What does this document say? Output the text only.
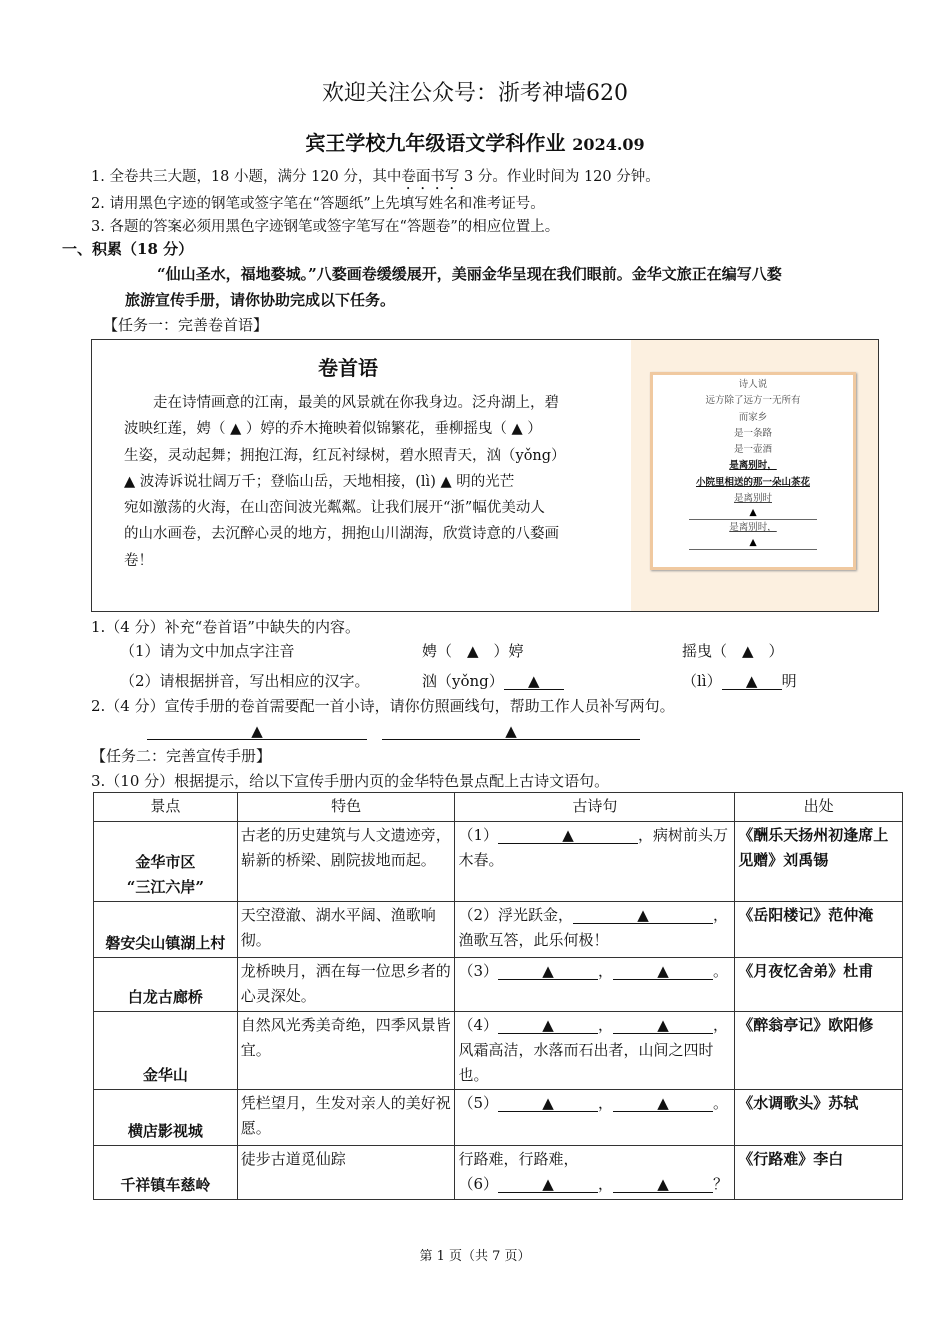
欢迎关注公众号：浙考神墙620
宾王学校九年级语文学科作业 2024.09
1. 全卷共三大题，18 小题，满分 120 分，其中卷面书写 3 分。作业时间为 120 分钟。
2. 请用黑色字迹的钢笔或签字笔在“答题纸”上先填写姓名和准考证号。
3. 各题的答案必须用黑色字迹钢笔或签字笔写在“答题卷”的相应位置上。
一、积累（18 分）
“仙山圣水，福地婺城。”八婺画卷缓缓展开，美丽金华呈现在我们眼前。金华文旅正在编写八婺
旅游宣传手册，请你协助完成以下任务。
【任务一：完善卷首语】
卷首语
　　走在诗情画意的江南，最美的风景就在你我身边。泛舟湖上，碧
波映红莲，娉（ ▲ ）婷的乔木掩映着似锦繁花，垂柳摇曳（ ▲ ）
生姿，灵动起舞；拥抱江海，红瓦衬绿树，碧水照青天，汹（yǒng）
▲ 波涛诉说壮阔万千；登临山岳，天地相接，(lì) ▲ 明的光芒
宛如激荡的火海，在山峦间波光粼粼。让我们展开“浙”幅优美动人
的山水画卷，去沉醉心灵的地方，拥抱山川湖海，欣赏诗意的八婺画
卷！
诗人说
远方除了远方一无所有
而家乡
是一条路
是一壶酒
是离别时，
小院里相送的那一朵山茶花
是离别时
▲
是离别时，
▲
1.（4 分）补充“卷首语”中缺失的内容。
（1）请为文中加点字注音	娉（　▲　）婷	摇曳（　▲　）
（2）请根据拼音，写出相应的汉字。	汹（yǒng） ▲	（lì） ▲ 明
2.（4 分）宣传手册的卷首需要配一首小诗，请你仿照画线句，帮助工作人员补写两句。
▲　	▲
【任务二：完善宣传手册】
3.（10 分）根据提示，给以下宣传手册内页的金华特色景点配上古诗文语句。
景点	特色	古诗句	出处
金华市区
“三江六岸”	古老的历史建筑与人文遗迹旁，崭新的桥梁、剧院拔地而起。	（1） ▲ ，病树前头万木春。	《酬乐天扬州初逢席上见赠》刘禹锡
磐安尖山镇湖上村	天空澄澈、湖水平阔、渔歌响彻。	（2）浮光跃金， ▲ ，渔歌互答，此乐何极！	《岳阳楼记》范仲淹
白龙古廊桥	龙桥映月，洒在每一位思乡者的心灵深处。	（3） ▲ ， ▲ 。	《月夜忆舍弟》杜甫
金华山	自然风光秀美奇绝，四季风景皆宜。	（4） ▲ ， ▲ ，风霜高洁，水落而石出者，山间之四时也。	《醉翁亭记》欧阳修
横店影视城	凭栏望月，生发对亲人的美好祝愿。	（5） ▲ ， ▲ 。	《水调歌头》苏轼
千祥镇车慈岭	徒步古道觅仙踪	行路难，行路难，
（6） ▲ ， ▲ ？	《行路难》李白
第 1 页（共 7 页）
